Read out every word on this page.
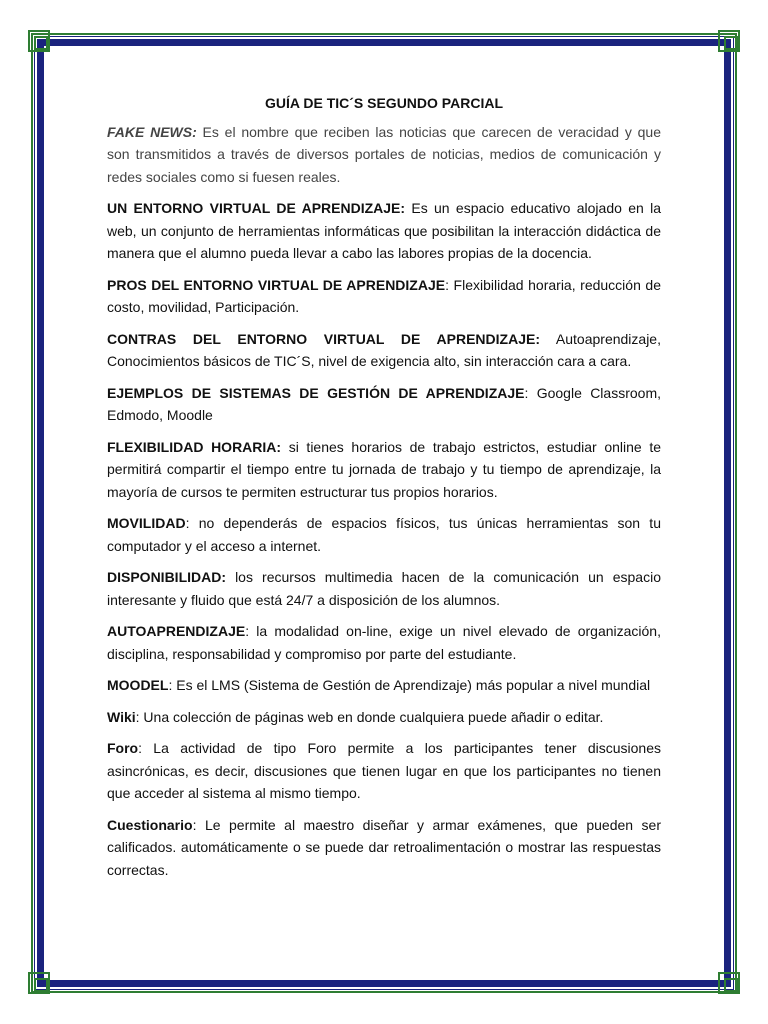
GUÍA DE TIC´S SEGUNDO PARCIAL

FAKE NEWS: Es el nombre que reciben las noticias que carecen de veracidad y que son transmitidos a través de diversos portales de noticias, medios de comunicación y redes sociales como si fuesen reales.

UN ENTORNO VIRTUAL DE APRENDIZAJE: Es un espacio educativo alojado en la web, un conjunto de herramientas informáticas que posibilitan la interacción didáctica de manera que el alumno pueda llevar a cabo las labores propias de la docencia.

PROS DEL ENTORNO VIRTUAL DE APRENDIZAJE: Flexibilidad horaria, reducción de costo, movilidad, Participación.

CONTRAS DEL ENTORNO VIRTUAL DE APRENDIZAJE: Autoaprendizaje, Conocimientos básicos de TIC´S, nivel de exigencia alto, sin interacción cara a cara.

EJEMPLOS DE SISTEMAS DE GESTIÓN DE APRENDIZAJE: Google Classroom, Edmodo, Moodle

FLEXIBILIDAD HORARIA: si tienes horarios de trabajo estrictos, estudiar online te permitirá compartir el tiempo entre tu jornada de trabajo y tu tiempo de aprendizaje, la mayoría de cursos te permiten estructurar tus propios horarios.

MOVILIDAD: no dependerás de espacios físicos, tus únicas herramientas son tu computador y el acceso a internet.

DISPONIBILIDAD: los recursos multimedia hacen de la comunicación un espacio interesante y fluido que está 24/7 a disposición de los alumnos.

AUTOAPRENDIZAJE: la modalidad on-line, exige un nivel elevado de organización, disciplina, responsabilidad y compromiso por parte del estudiante.

MOODEL: Es el LMS (Sistema de Gestión de Aprendizaje) más popular a nivel mundial

Wiki: Una colección de páginas web en donde cualquiera puede añadir o editar.

Foro: La actividad de tipo Foro permite a los participantes tener discusiones asincrónicas, es decir, discusiones que tienen lugar en que los participantes no tienen que acceder al sistema al mismo tiempo.

Cuestionario: Le permite al maestro diseñar y armar exámenes, que pueden ser calificados. automáticamente o se puede dar retroalimentación o mostrar las respuestas correctas.
